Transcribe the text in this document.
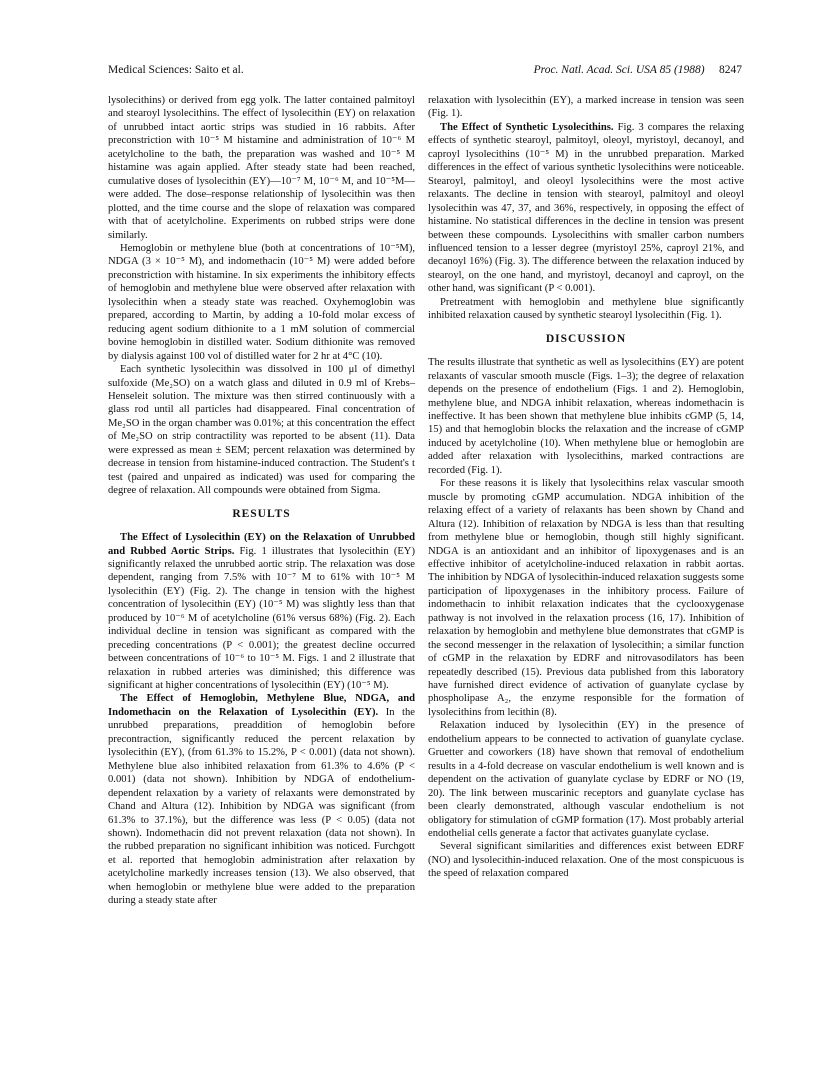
Medical Sciences: Saito et al.	Proc. Natl. Acad. Sci. USA 85 (1988) 8247

lysolecithins) or derived from egg yolk. The latter contained palmitoyl and stearoyl lysolecithins. The effect of lysolecithin (EY) on relaxation of unrubbed intact aortic strips was studied in 16 rabbits. After preconstriction with 10⁻⁵ M histamine and administration of 10⁻⁶ M acetylcholine to the bath, the preparation was washed and 10⁻⁵ M histamine was again applied. After steady state had been reached, cumulative doses of lysolecithin (EY)—10⁻⁷ M, 10⁻⁶ M, and 10⁻⁵M—were added. The dose–response relationship of lysolecithin was then plotted, and the time course and the slope of relaxation was compared with that of acetylcholine. Experiments on rubbed strips were done similarly.

Hemoglobin or methylene blue (both at concentrations of 10⁻⁵M), NDGA (3 × 10⁻⁵ M), and indomethacin (10⁻⁵ M) were added before preconstriction with histamine. In six experiments the inhibitory effects of hemoglobin and methylene blue were observed after relaxation with lysolecithin when a steady state was reached. Oxyhemoglobin was prepared, according to Martin, by adding a 10-fold molar excess of reducing agent sodium dithionite to a 1 mM solution of commercial bovine hemoglobin in distilled water. Sodium dithionite was removed by dialysis against 100 vol of distilled water for 2 hr at 4°C (10).

Each synthetic lysolecithin was dissolved in 100 μl of dimethyl sulfoxide (Me₂SO) on a watch glass and diluted in 0.9 ml of Krebs–Henseleit solution. The mixture was then stirred continuously with a glass rod until all particles had disappeared. Final concentration of Me₂SO in the organ chamber was 0.01%; at this concentration the effect of Me₂SO on strip contractility was reported to be absent (11). Data were expressed as mean ± SEM; percent relaxation was determined by decrease in tension from histamine-induced contraction. The Student's t test (paired and unpaired as indicated) was used for comparing the degree of relaxation. All compounds were obtained from Sigma.

RESULTS

The Effect of Lysolecithin (EY) on the Relaxation of Unrubbed and Rubbed Aortic Strips. Fig. 1 illustrates that lysolecithin (EY) significantly relaxed the unrubbed aortic strip. The relaxation was dose dependent, ranging from 7.5% with 10⁻⁷ M to 61% with 10⁻⁵ M lysolecithin (EY) (Fig. 2). The change in tension with the highest concentration of lysolecithin (EY) (10⁻⁵ M) was slightly less than that produced by 10⁻⁶ M of acetylcholine (61% versus 68%) (Fig. 2). Each individual decline in tension was significant as compared with the preceding concentrations (P < 0.001); the greatest decline occurred between concentrations of 10⁻⁶ to 10⁻⁵ M. Figs. 1 and 2 illustrate that relaxation in rubbed arteries was diminished; this difference was significant at higher concentrations of lysolecithin (EY) (10⁻⁵ M).

The Effect of Hemoglobin, Methylene Blue, NDGA, and Indomethacin on the Relaxation of Lysolecithin (EY). In the unrubbed preparations, preaddition of hemoglobin before precontraction, significantly reduced the percent relaxation by lysolecithin (EY), (from 61.3% to 15.2%, P < 0.001) (data not shown). Methylene blue also inhibited relaxation from 61.3% to 4.6% (P < 0.001) (data not shown). Inhibition by NDGA of endothelium-dependent relaxation by a variety of relaxants were demonstrated by Chand and Altura (12). Inhibition by NDGA was significant (from 61.3% to 37.1%), but the difference was less (P < 0.05) (data not shown). Indomethacin did not prevent relaxation (data not shown). In the rubbed preparation no significant inhibition was noticed. Furchgott et al. reported that hemoglobin administration after relaxation by acetylcholine markedly increases tension (13). We also observed, that when hemoglobin or methylene blue were added to the preparation during a steady state after

relaxation with lysolecithin (EY), a marked increase in tension was seen (Fig. 1).

The Effect of Synthetic Lysolecithins. Fig. 3 compares the relaxing effects of synthetic stearoyl, palmitoyl, oleoyl, myristoyl, decanoyl, and caproyl lysolecithins (10⁻⁵ M) in the unrubbed preparation. Marked differences in the effect of various synthetic lysolecithins were noticeable. Stearoyl, palmitoyl, and oleoyl lysolecithins were the most active relaxants. The decline in tension with stearoyl, palmitoyl and oleoyl lysolecithin was 47, 37, and 36%, respectively, in opposing the effect of histamine. No statistical differences in the decline in tension was present between these compounds. Lysolecithins with smaller carbon numbers influenced tension to a lesser degree (myristoyl 25%, caproyl 21%, and decanoyl 16%) (Fig. 3). The difference between the relaxation induced by stearoyl, on the one hand, and myristoyl, decanoyl and caproyl, on the other hand, was significant (P < 0.001).

Pretreatment with hemoglobin and methylene blue significantly inhibited relaxation caused by synthetic stearoyl lysolecithin (Fig. 1).

DISCUSSION

The results illustrate that synthetic as well as lysolecithins (EY) are potent relaxants of vascular smooth muscle (Figs. 1–3); the degree of relaxation depends on the presence of endothelium (Figs. 1 and 2). Hemoglobin, methylene blue, and NDGA inhibit relaxation, whereas indomethacin is ineffective. It has been shown that methylene blue inhibits cGMP (5, 14, 15) and that hemoglobin blocks the relaxation and the increase of cGMP induced by acetylcholine (10). When methylene blue or hemoglobin are added after relaxation with lysolecithins, marked contractions are recorded (Fig. 1).

For these reasons it is likely that lysolecithins relax vascular smooth muscle by promoting cGMP accumulation. NDGA inhibition of the relaxing effect of a variety of relaxants has been shown by Chand and Altura (12). Inhibition of relaxation by NDGA is less than that resulting from methylene blue or hemoglobin, though still highly significant. NDGA is an antioxidant and an inhibitor of lipoxygenases and is an effective inhibitor of acetylcholine-induced relaxation in rabbit aortas. The inhibition by NDGA of lysolecithin-induced relaxation suggests some participation of lipoxygenases in the inhibitory process. Failure of indomethacin to inhibit relaxation indicates that the cyclooxygenase pathway is not involved in the relaxation process (16, 17). Inhibition of relaxation by hemoglobin and methylene blue demonstrates that cGMP is the second messenger in the relaxation of lysolecithin; a similar function of cGMP in the relaxation by EDRF and nitrovasodilators has been repeatedly described (15). Previous data published from this laboratory have furnished direct evidence of activation of guanylate cyclase by phospholipase A₂, the enzyme responsible for the formation of lysolecithins from lecithin (8).

Relaxation induced by lysolecithin (EY) in the presence of endothelium appears to be connected to activation of guanylate cyclase. Gruetter and coworkers (18) have shown that removal of endothelium results in a 4-fold decrease on vascular endothelium is well known and is dependent on the activation of guanylate cyclase by EDRF or NO (19, 20). The link between muscarinic receptors and guanylate cyclase has been clearly demonstrated, although vascular endothelium is not obligatory for stimulation of cGMP formation (17). Most probably arterial endothelial cells generate a factor that activates guanylate cyclase.

Several significant similarities and differences exist between EDRF (NO) and lysolecithin-induced relaxation. One of the most conspicuous is the speed of relaxation compared
